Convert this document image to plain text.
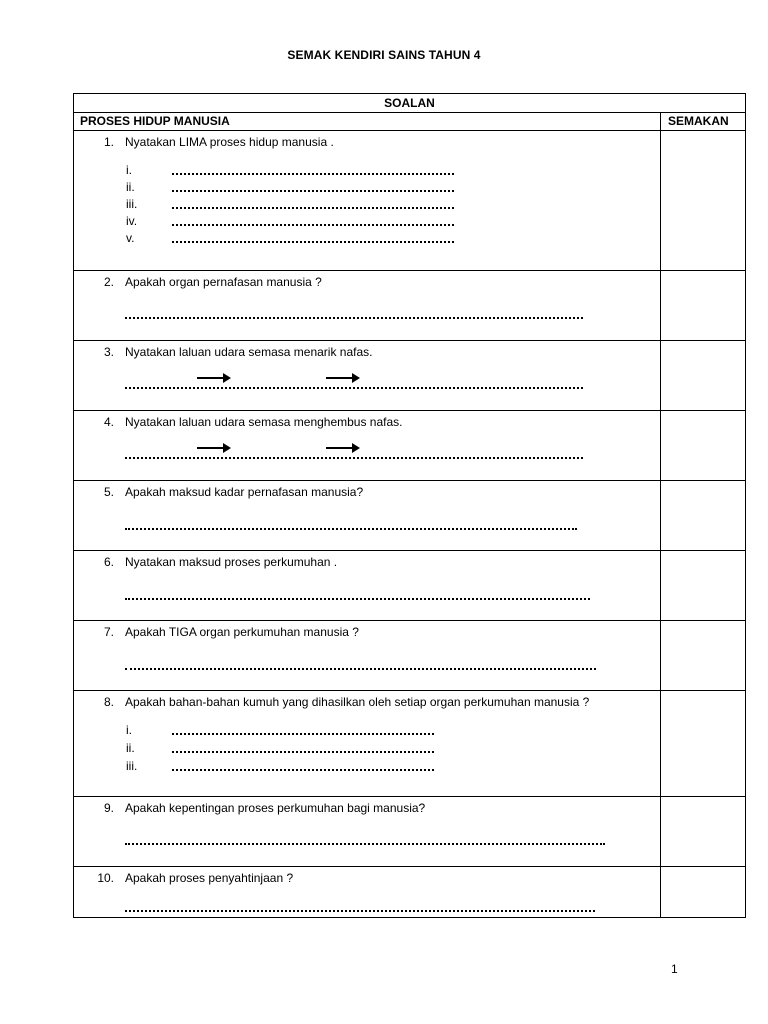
SEMAK KENDIRI SAINS TAHUN 4
SOALAN
PROSES HIDUP MANUSIA	SEMAKAN
1. Nyatakan LIMA proses hidup manusia .
i.
ii.
iii.
iv.
v.
2. Apakah organ pernafasan manusia ?
3. Nyatakan laluan udara semasa menarik nafas.
4. Nyatakan laluan udara semasa menghembus nafas.
5. Apakah maksud kadar pernafasan manusia?
6. Nyatakan maksud proses perkumuhan .
7. Apakah TIGA organ perkumuhan manusia ?
8. Apakah bahan-bahan kumuh yang dihasilkan oleh setiap organ perkumuhan manusia ?
i.
ii.
iii.
9. Apakah kepentingan proses perkumuhan bagi manusia?
10. Apakah proses penyahtinjaan ?
1
